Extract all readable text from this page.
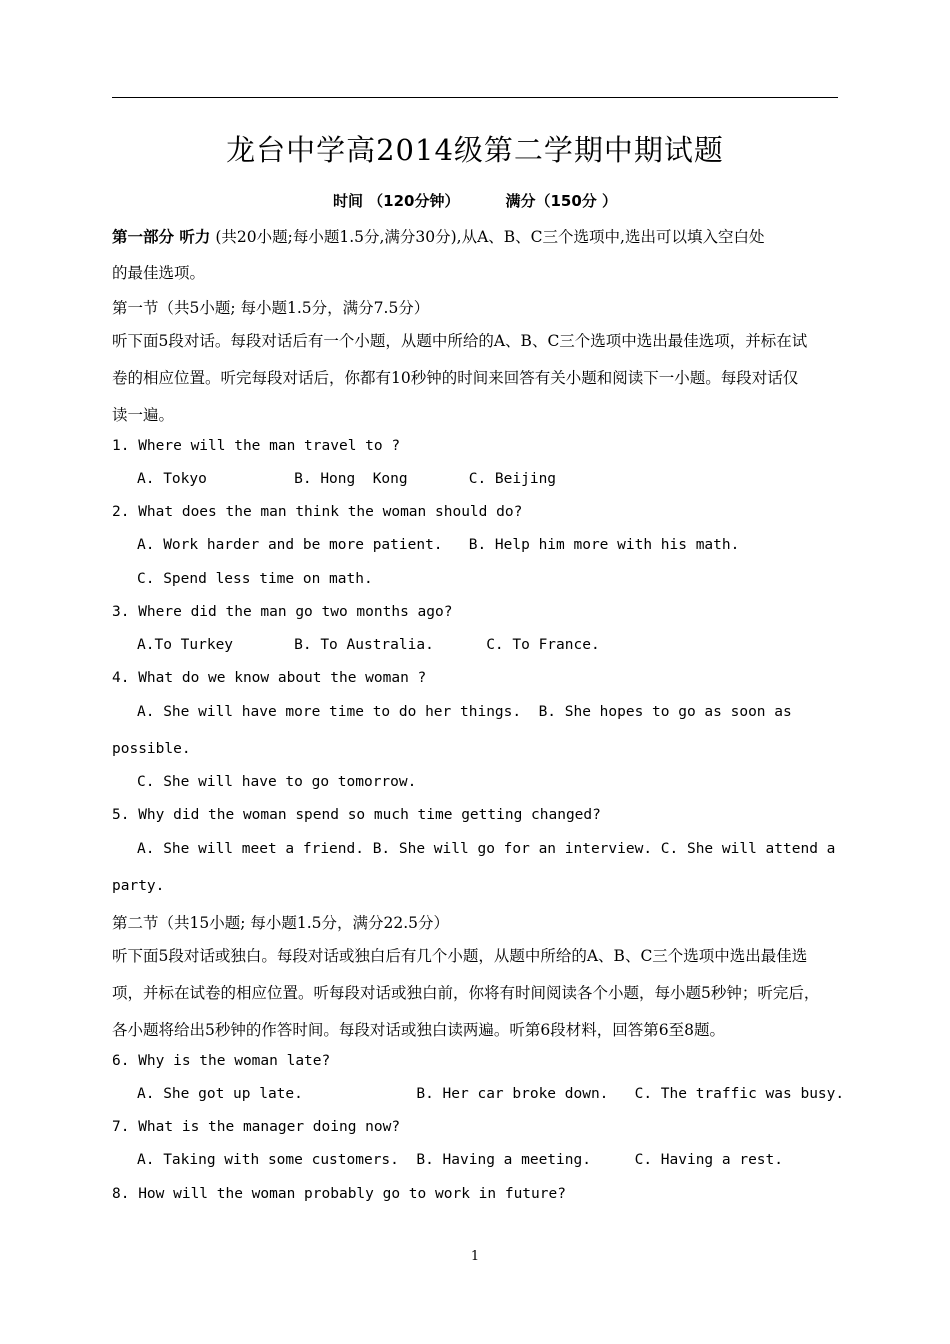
龙台中学高2014级第二学期中期试题
时间 （120分钟）	满分（150分 ）
第一部分 听力 (共20小题;每小题1.5分,满分30分),从A、B、C三个选项中,选出可以填入空白处
的最佳选项。
第一节（共5小题; 每小题1.5分，满分7.5分）
听下面5段对话。每段对话后有一个小题，从题中所给的A、B、C三个选项中选出最佳选项，并标在试
卷的相应位置。听完每段对话后，你都有10秒钟的时间来回答有关小题和阅读下一小题。每段对话仅
读一遍。
1. Where will the man travel to ?
A. Tokyo          B. Hong  Kong       C. Beijing
2. What does the man think the woman should do?
A. Work harder and be more patient.   B. Help him more with his math.
C. Spend less time on math.
3. Where did the man go two months ago?
A.To Turkey       B. To Australia.      C. To France.
4. What do we know about the woman ?
A. She will have more time to do her things.  B. She hopes to go as soon as
possible.
C. She will have to go tomorrow.
5. Why did the woman spend so much time getting changed?
A. She will meet a friend. B. She will go for an interview. C. She will attend a
party.
第二节（共15小题; 每小题1.5分，满分22.5分）
听下面5段对话或独白。每段对话或独白后有几个小题，从题中所给的A、B、C三个选项中选出最佳选
项，并标在试卷的相应位置。听每段对话或独白前，你将有时间阅读各个小题，每小题5秒钟；听完后，
各小题将给出5秒钟的作答时间。每段对话或独白读两遍。听第6段材料，回答第6至8题。
6. Why is the woman late?
A. She got up late.             B. Her car broke down.   C. The traffic was busy.
7. What is the manager doing now?
A. Taking with some customers.  B. Having a meeting.     C. Having a rest.
8. How will the woman probably go to work in future?
1
